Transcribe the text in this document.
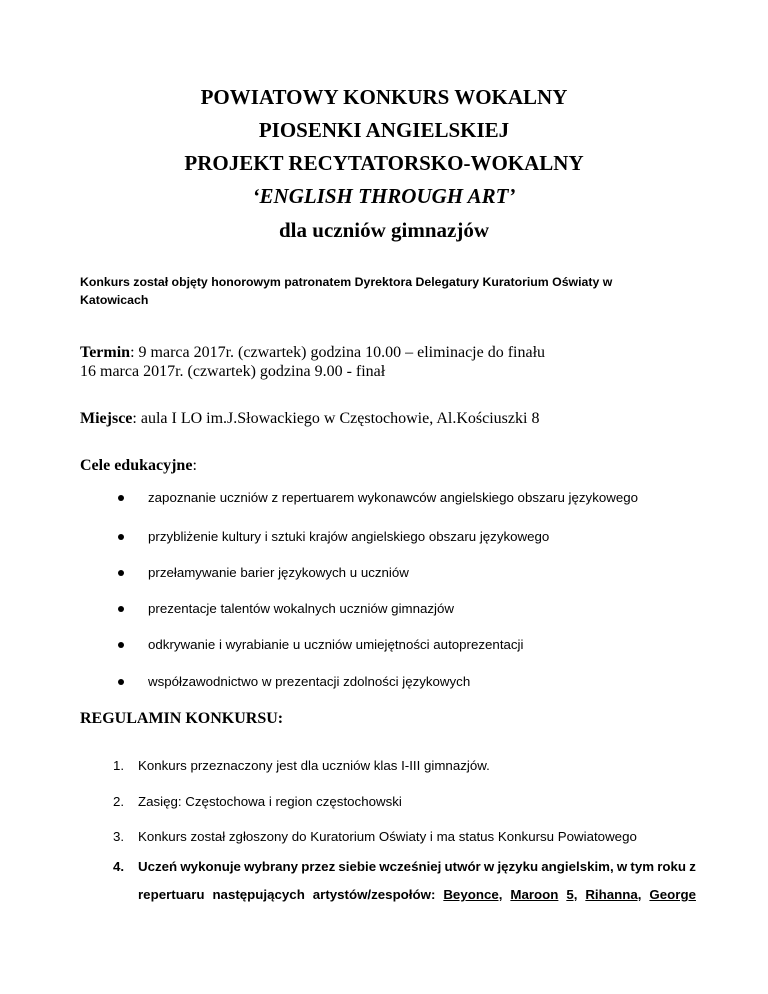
POWIATOWY KONKURS WOKALNY
PIOSENKI ANGIELSKIEJ
PROJEKT RECYTATORSKO-WOKALNY
‘ENGLISH THROUGH ART’
dla uczniów gimnazjów

Konkurs został objęty honorowym patronatem Dyrektora Delegatury Kuratorium Oświaty w

Katowicach

Termin: 9 marca 2017r. (czwartek) godzina 10.00 – eliminacje do finału

16 marca 2017r. (czwartek) godzina 9.00 - finał

Miejsce: aula I LO im.J.Słowackiego w Częstochowie, Al.Kościuszki 8

Cele edukacyjne:

zapoznanie uczniów z repertuarem wykonawców angielskiego obszaru językowego

przybliżenie kultury i sztuki krajów angielskiego obszaru językowego

przełamywanie barier językowych u uczniów

prezentacje talentów wokalnych uczniów gimnazjów

odkrywanie i wyrabianie u uczniów umiejętności autoprezentacji

współzawodnictwo w prezentacji zdolności językowych

REGULAMIN KONKURSU:

1.	Konkurs przeznaczony jest dla uczniów klas I-III gimnazjów.

2.	Zasięg: Częstochowa i region częstochowski

3.	Konkurs został zgłoszony do Kuratorium Oświaty i ma status Konkursu Powiatowego

4.	Uczeń wykonuje wybrany przez siebie wcześniej utwór w języku angielskim, w tym roku z
repertuaru następujących artystów/zespołów: Beyonce, Maroon 5, Rihanna, George
